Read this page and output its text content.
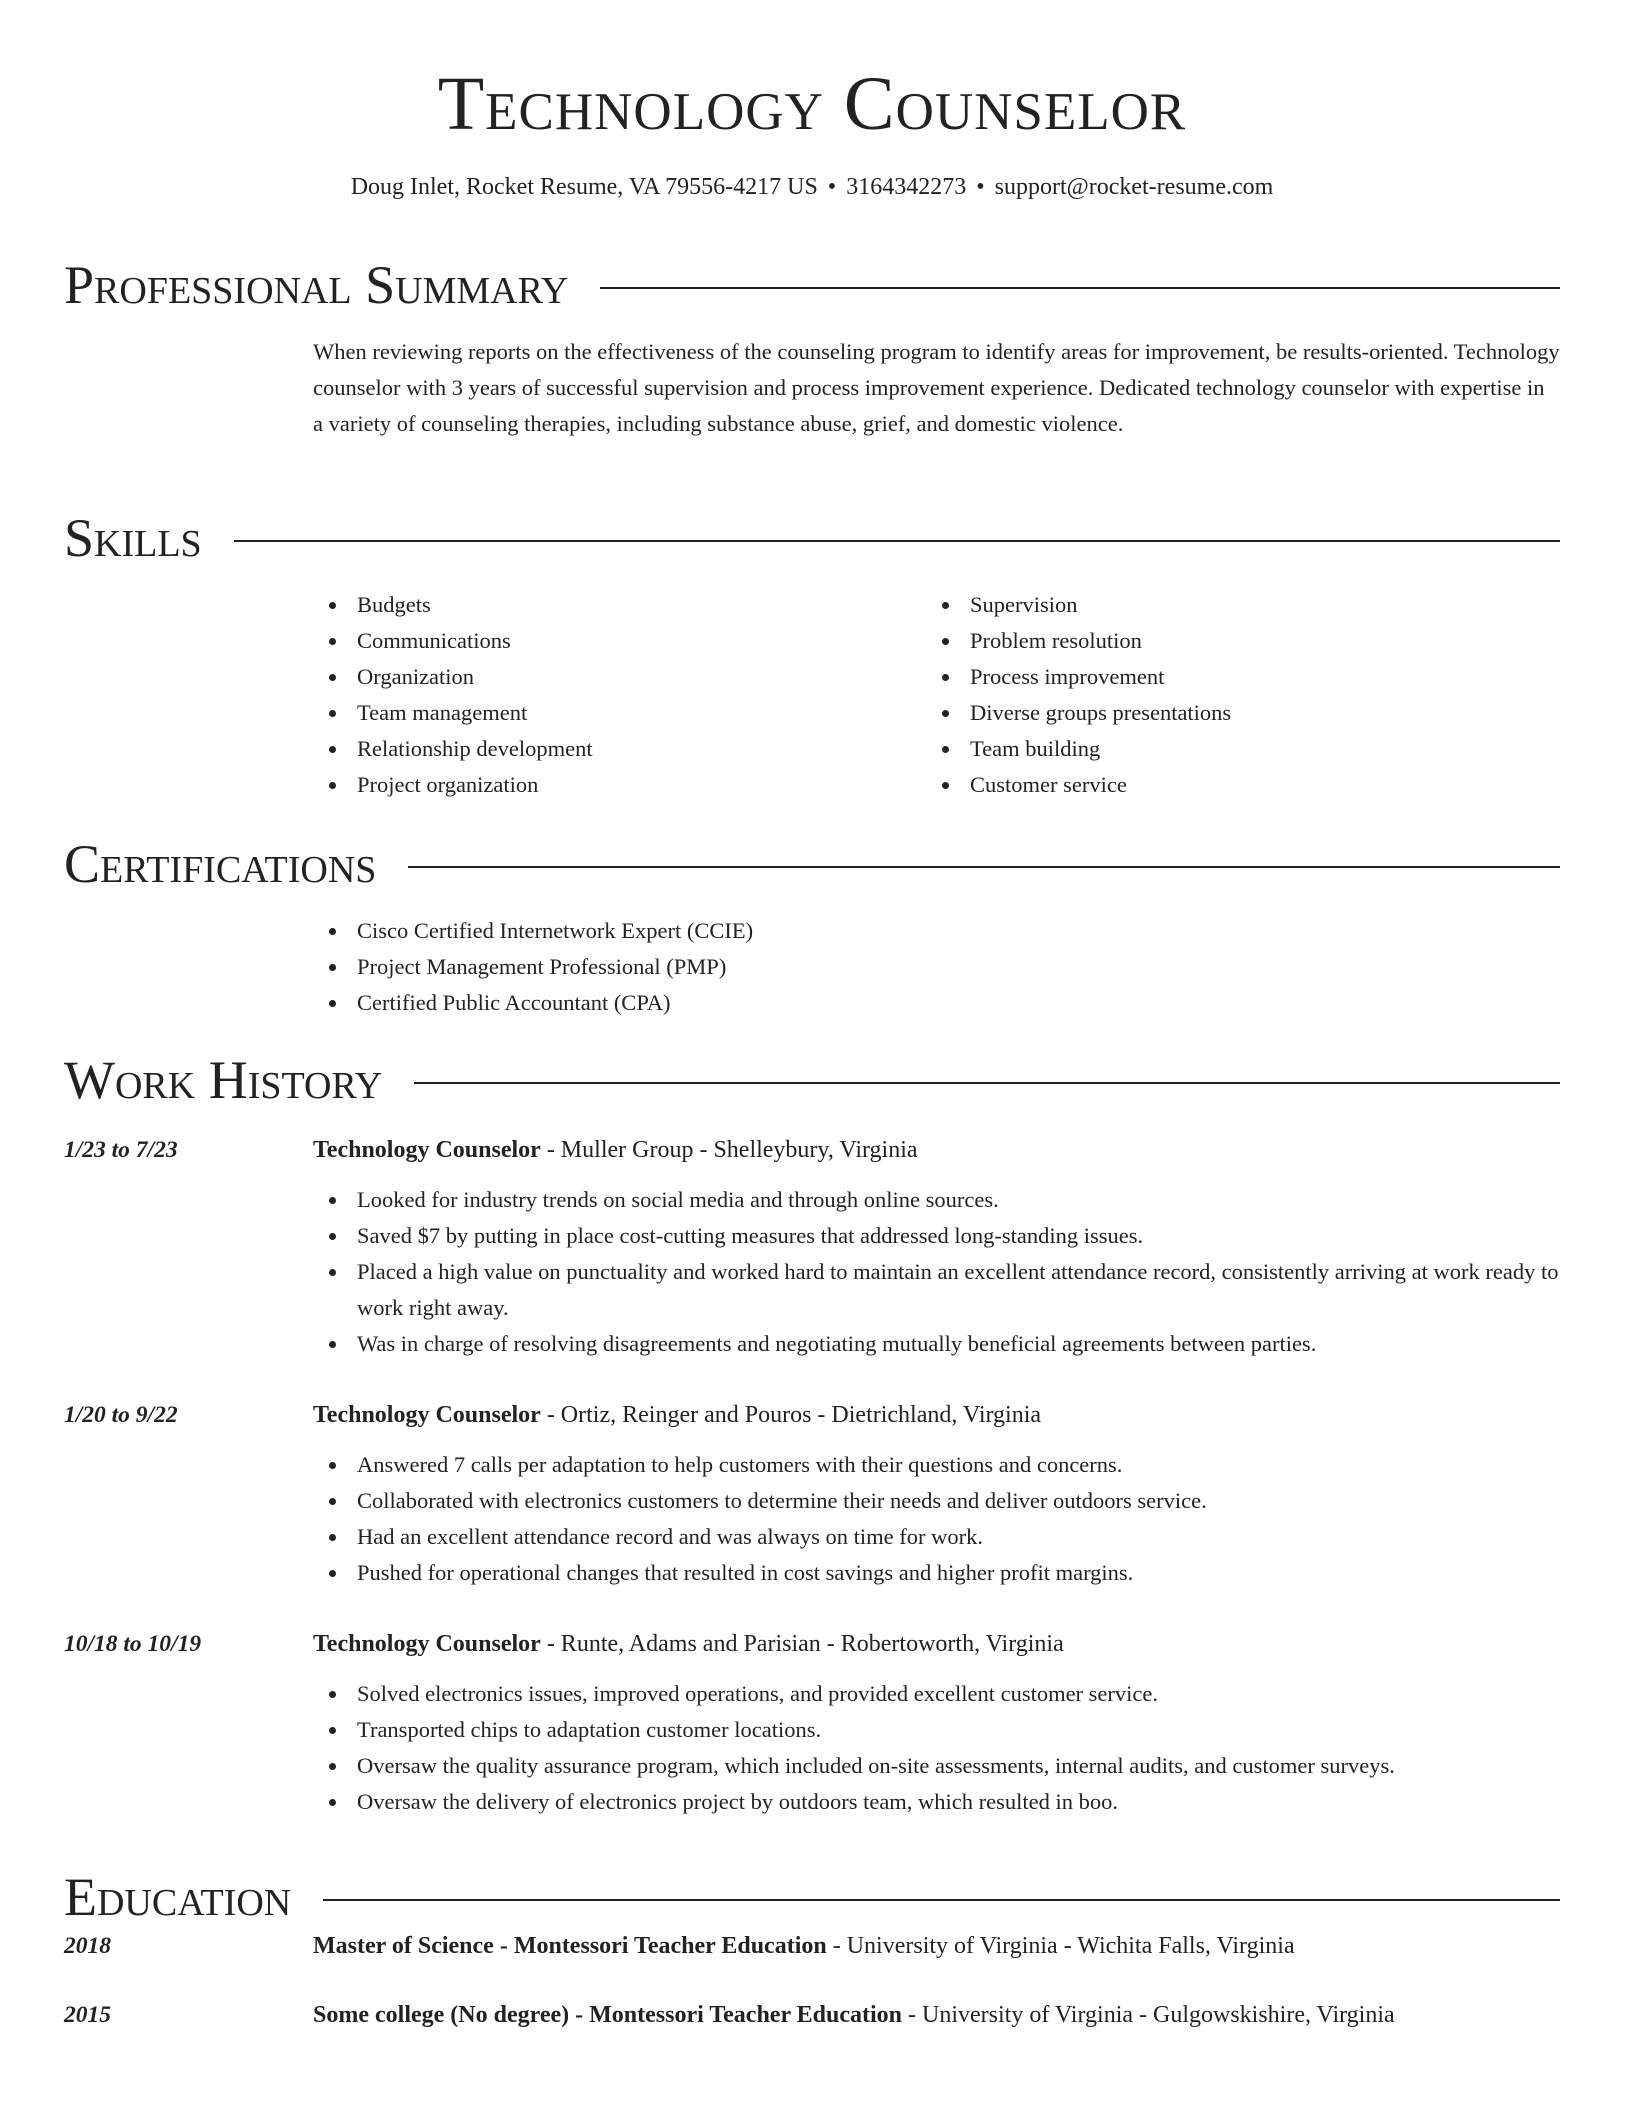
Technology Counselor
Doug Inlet, Rocket Resume, VA 79556-4217 US • 3164342273 • support@rocket-resume.com
Professional Summary
When reviewing reports on the effectiveness of the counseling program to identify areas for improvement, be results-oriented. Technology counselor with 3 years of successful supervision and process improvement experience. Dedicated technology counselor with expertise in a variety of counseling therapies, including substance abuse, grief, and domestic violence.
Skills
Budgets
Communications
Organization
Team management
Relationship development
Project organization
Supervision
Problem resolution
Process improvement
Diverse groups presentations
Team building
Customer service
Certifications
Cisco Certified Internetwork Expert (CCIE)
Project Management Professional (PMP)
Certified Public Accountant (CPA)
Work History
1/23 to 7/23	Technology Counselor - Muller Group - Shelleybury, Virginia
Looked for industry trends on social media and through online sources.
Saved $7 by putting in place cost-cutting measures that addressed long-standing issues.
Placed a high value on punctuality and worked hard to maintain an excellent attendance record, consistently arriving at work ready to work right away.
Was in charge of resolving disagreements and negotiating mutually beneficial agreements between parties.
1/20 to 9/22	Technology Counselor - Ortiz, Reinger and Pouros - Dietrichland, Virginia
Answered 7 calls per adaptation to help customers with their questions and concerns.
Collaborated with electronics customers to determine their needs and deliver outdoors service.
Had an excellent attendance record and was always on time for work.
Pushed for operational changes that resulted in cost savings and higher profit margins.
10/18 to 10/19	Technology Counselor - Runte, Adams and Parisian - Robertoworth, Virginia
Solved electronics issues, improved operations, and provided excellent customer service.
Transported chips to adaptation customer locations.
Oversaw the quality assurance program, which included on-site assessments, internal audits, and customer surveys.
Oversaw the delivery of electronics project by outdoors team, which resulted in boo.
Education
2018	Master of Science - Montessori Teacher Education - University of Virginia - Wichita Falls, Virginia
2015	Some college (No degree) - Montessori Teacher Education - University of Virginia - Gulgowskishire, Virginia
